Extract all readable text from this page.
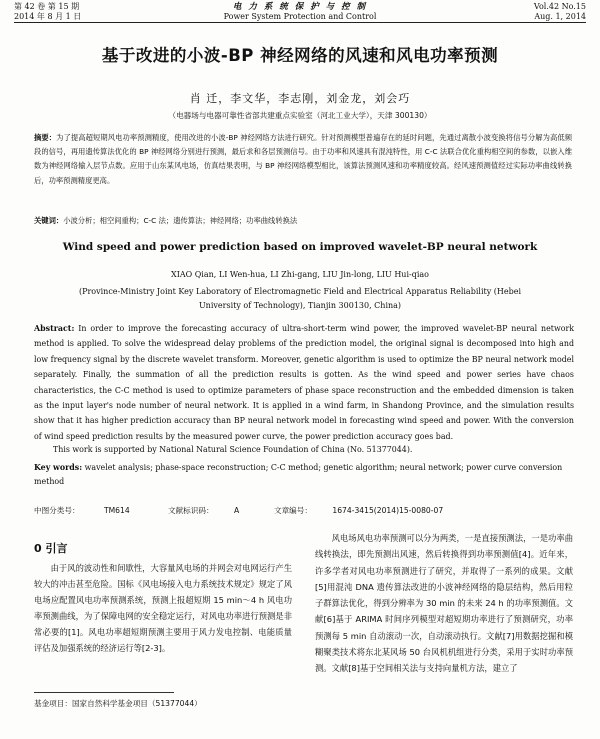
第 42 卷 第 15 期
2014 年 8 月 1 日
电 力 系 统 保 护 与 控 制
Power System Protection and Control
Vol.42 No.15
Aug. 1, 2014
基于改进的小波-BP 神经网络的风速和风电功率预测
肖 迁，李文华，李志刚，刘金龙，刘会巧
（电器场与电器可靠性省部共建重点实验室（河北工业大学），天津 300130）
摘要：为了提高超短期风电功率预测精度，使用改进的小波-BP 神经网络方法进行研究。针对预测模型普遍存在的延时问题，先通过离散小波变换将信号分解为高低频段的信号，再用遗传算法优化的 BP 神经网络分别进行预测，最后求和各层预测信号。由于功率和风速具有混沌特性，用 C-C 法联合优化重构相空间的参数，以嵌入维数为神经网络输入层节点数。应用于山东某风电场，仿真结果表明，与 BP 神经网络模型相比，该算法预测风速和功率精度较高。经风速预测值经过实际功率曲线转换后，功率预测精度更高。
关键词：小波分析；相空间重构；C-C 法；遗传算法；神经网络；功率曲线转换法
Wind speed and power prediction based on improved wavelet-BP neural network
XIAO Qian, LI Wen-hua, LI Zhi-gang, LIU Jin-long, LIU Hui-qiao
(Province-Ministry Joint Key Laboratory of Electromagnetic Field and Electrical Apparatus Reliability (Hebei University of Technology), Tianjin 300130, China)
Abstract: In order to improve the forecasting accuracy of ultra-short-term wind power, the improved wavelet-BP neural network method is applied. To solve the widespread delay problems of the prediction model, the original signal is decomposed into high and low frequency signal by the discrete wavelet transform. Moreover, genetic algorithm is used to optimize the BP neural network model separately. Finally, the summation of all the prediction results is gotten. As the wind speed and power series have chaos characteristics, the C-C method is used to optimize parameters of phase space reconstruction and the embedded dimension is taken as the input layer's node number of neural network. It is applied in a wind farm, in Shandong Province, and the simulation results show that it has higher prediction accuracy than BP neural network model in forecasting wind speed and power. With the conversion of wind speed prediction results by the measured power curve, the power prediction accuracy goes bad.
This work is supported by National Natural Science Foundation of China (No. 51377044).
Key words: wavelet analysis; phase-space reconstruction; C-C method; genetic algorithm; neural network; power curve conversion method
中图分类号：	TM614	文献标识码：	A	文章编号：	1674-3415(2014)15-0080-07
0 引言
由于风的波动性和间歇性，大容量风电场的并网会对电网运行产生较大的冲击甚至危险。国标《风电场接入电力系统技术规定》规定了风电场应配置风电功率预测系统，预测上报超短期 15 min～4 h 风电功率预测曲线，为了保障电网的安全稳定运行，对风电功率进行预测是非常必要的[1]。风电功率超短期预测主要用于风力发电控制、电能质量评估及加强系统的经济运行等[2-3]。
风电场风电功率预测可以分为两类，一是直接预测法，一是功率曲线转换法，即先预测出风速，然后转换得到功率预测值[4]。近年来，许多学者对风电功率预测进行了研究，并取得了一系列的成果。文献[5]用混沌 DNA 遗传算法改进的小波神经网络的隐层结构，然后用粒子群算法优化，得到分辨率为 30 min 的未来 24 h 的功率预测值。文献[6]基于 ARIMA 时间序列模型对超短期功率进行了预测研究，功率预测每 5 min 自动滚动一次，自动滚动执行。文献[7]用数据挖掘和模糊聚类技术将东北某风场 50 台风机机组进行分类，采用于实时功率预测。文献[8]基于空间相关法与支持向量机方法，建立了
基金项目：国家自然科学基金项目（51377044）
